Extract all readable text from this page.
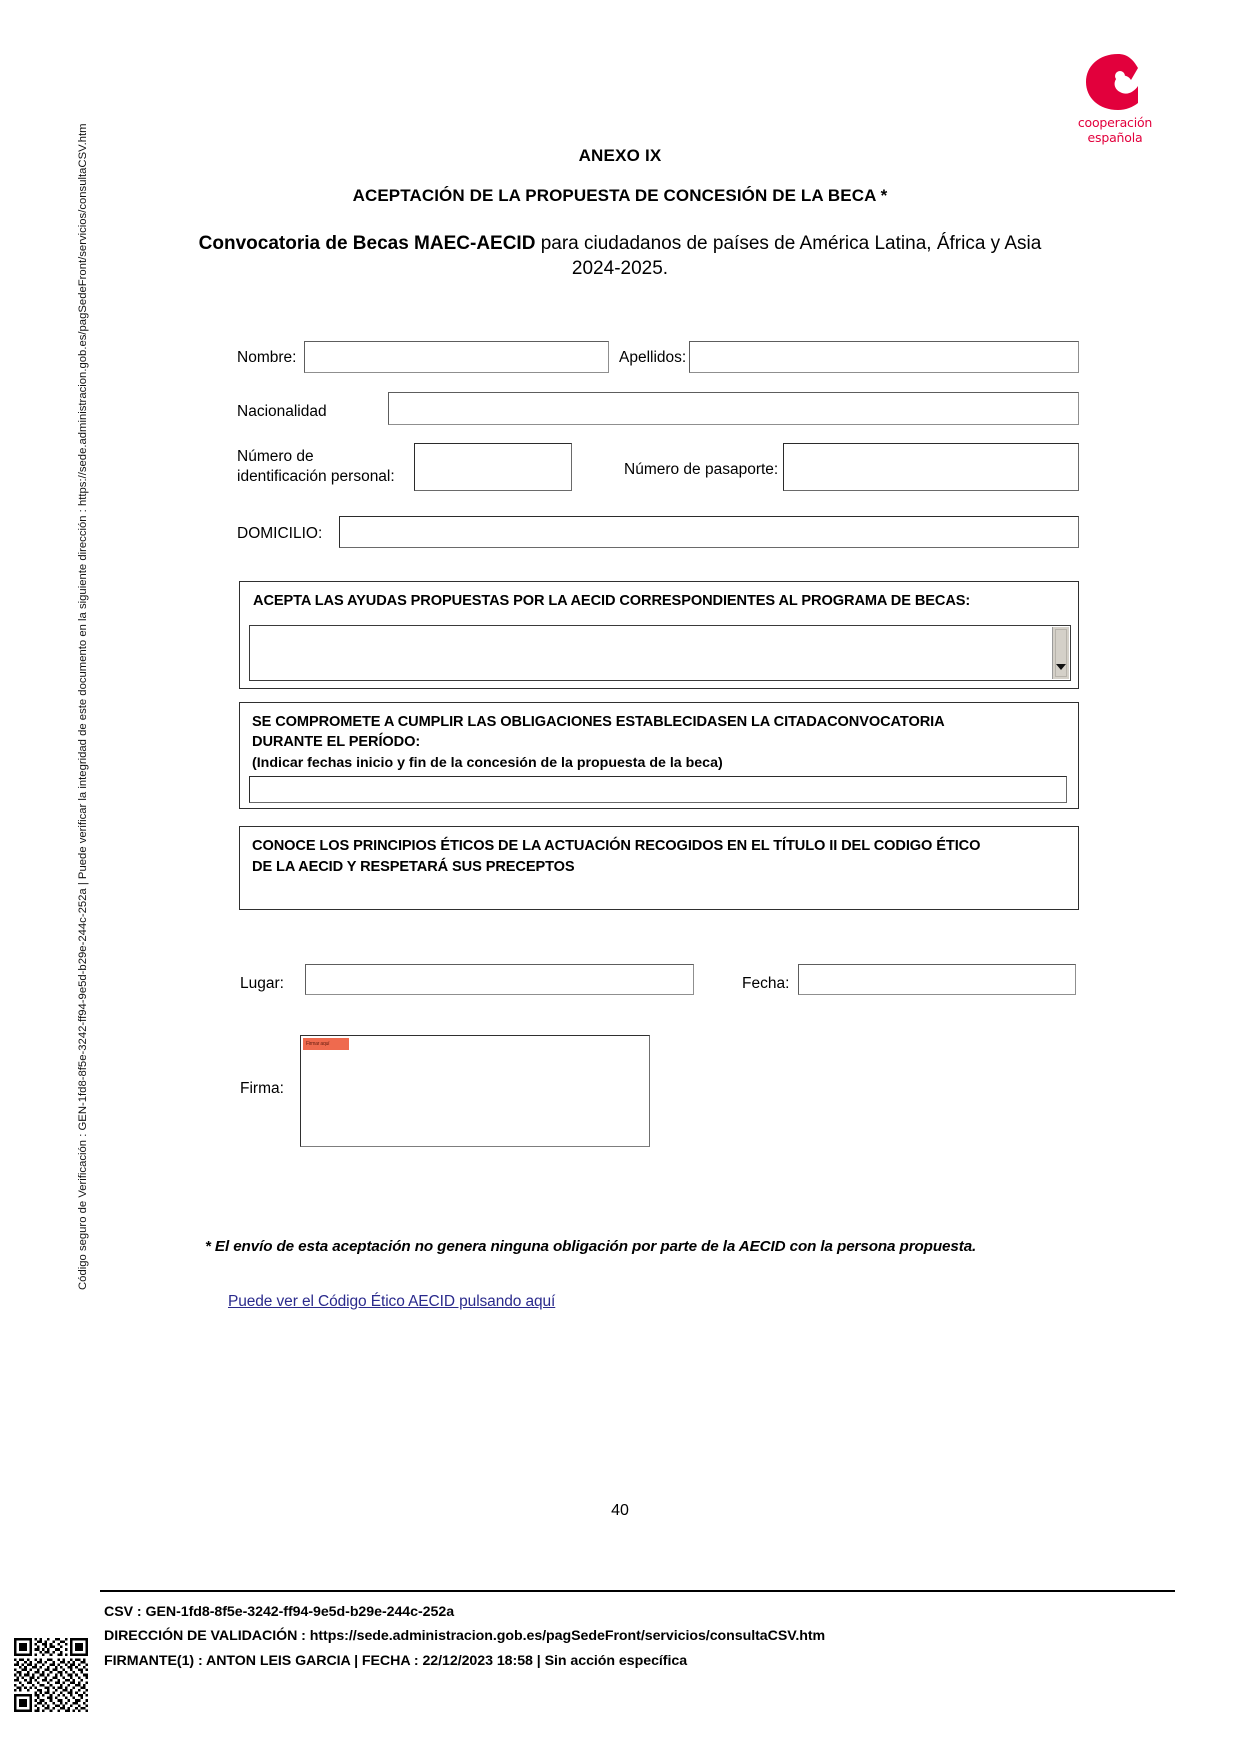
Código seguro de Verificación : GEN-1fd8-8f5e-3242-ff94-9e5d-b29e-244c-252a | Puede verificar la integridad de este documento en la siguiente dirección : https://sede.administracion.gob.es/pagSedeFront/servicios/consultaCSV.htm
cooperación
española
ANEXO IX
ACEPTACIÓN DE LA PROPUESTA DE CONCESIÓN DE LA BECA *
Convocatoria de Becas MAEC-AECID para ciudadanos de países de América Latina, África y Asia 2024-2025.
Nombre:	Apellidos:
Nacionalidad
Número de
identificación personal:	Número de pasaporte:
DOMICILIO:
ACEPTA LAS AYUDAS PROPUESTAS POR LA AECID CORRESPONDIENTES AL PROGRAMA DE BECAS:
SE COMPROMETE A CUMPLIR LAS OBLIGACIONES ESTABLECIDASEN LA CITADACONVOCATORIA
DURANTE EL PERÍODO:
(Indicar fechas inicio y fin de la concesión de la propuesta de la beca)
CONOCE LOS PRINCIPIOS ÉTICOS DE LA ACTUACIÓN RECOGIDOS EN EL TÍTULO II DEL CODIGO ÉTICO
DE LA AECID Y RESPETARÁ SUS PRECEPTOS
Lugar:	Fecha:
Firma:
Firmar aquí
* El envío de esta aceptación no genera ninguna obligación por parte de la AECID con la persona propuesta.
Puede ver el Código Ético AECID pulsando aquí
40
CSV : GEN-1fd8-8f5e-3242-ff94-9e5d-b29e-244c-252a
DIRECCIÓN DE VALIDACIÓN : https://sede.administracion.gob.es/pagSedeFront/servicios/consultaCSV.htm
FIRMANTE(1) : ANTON LEIS GARCIA | FECHA : 22/12/2023 18:58 | Sin acción específica
